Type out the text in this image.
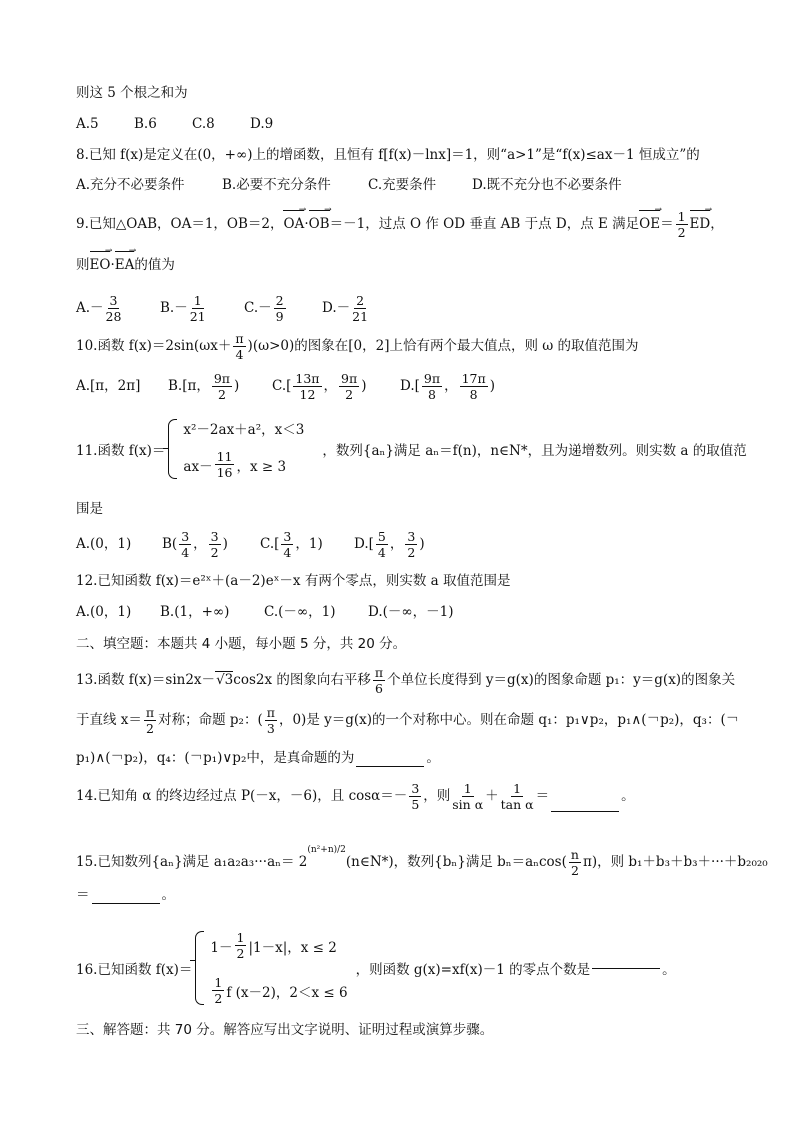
则这 5 个根之和为
A.5	B.6	C.8	D.9
8.已知 f(x)是定义在(0，+∞)上的增函数，且恒有 f[f(x)－lnx]＝1，则“a>1”是“f(x)≤ax－1 恒成立”的
A.充分不必要条件	B.必要不充分条件	C.充要条件	D.既不充分也不必要条件
9.已知△OAB，OA＝1，OB＝2，OA →·OB →＝－1，过点 O 作 OD 垂直 AB 于点 D，点 E 满足OE →＝ $\frac{1}{2}$ ED →，
则EO →·EA →的值为
$A.- \frac{3}{28}$	$B.- \frac{1}{21}$	$C.- \frac{2}{9}$	$D.- \frac{2}{21}$
10.函数 $f(x)=2\sin(\omega x+ \frac{\pi}{4} )(\omega>0)$的图象在[0，2]上恰有两个最大值点，则 ω 的取值范围为
A.[π，2π] B.[π， $\frac{9\pi}{2}$ ) $C.[ \frac{13\pi}{12}$ ， $\frac{9\pi}{2}$ ) $D.[ \frac{9\pi}{8}$ ， $\frac{17\pi}{8}$ )
11.函数 f(x)＝
x²－2ax＋a²，x＜3
$ax- \frac{11}{16}$ ，x ≥ 3
，数列{aₙ}满足 aₙ＝f(n)，n∈N*，且为递增数列。则实数 a 的取值范
围是
A.(0，1) $B( \frac{3}{4}$ ， $\frac{3}{2}$ ) $C.[ \frac{3}{4}$ ，1) $D.[ \frac{5}{4}$ ， $\frac{3}{2}$ )
12.已知函数 f(x)＝e²ˣ＋(a－2)eˣ－x 有两个零点，则实数 a 取值范围是
A.(0，1) B.(1，+∞)	C.(－∞，1) D.(－∞，－1)
二、填空题：本题共 4 小题，每小题 5 分，共 20 分。
13.函数 f(x)＝sin2x－√3cos2x 的图象向右平移 $\frac{\pi}{6}$ 个单位长度得到 y＝g(x)的图象命题 p₁：y＝g(x)的图象关
于直线 $x= \frac{\pi}{2}$ 对称；命题 p₂：( $\frac{\pi}{3}$ ，0)是 y＝g(x)的一个对称中心。则在命题 q₁：p₁∨p₂，p₁∧(￢p₂)，q₃：(￢
p₁)∧(￢p₂)，q₄：(￢p₁)∨p₂中，是真命题的为	。
14.已知角 α 的终边经过点 P(－x，－6)，且 $\cos\alpha=- \frac{3}{5}$ ，则 $\frac{1}{\text{sin α}} + \frac{1}{\text{tan α}}$ ＝	。
15.已知数列{aₙ}满足 $a_1a_2a_3\cdot\cdot\cdot a_n= 2^{(n^2+n)/2}(n\in N*)$，数列{bₙ}满足 $b_n=a_n\cos( \frac{n}{2} \pi)$，则 b₁＋b₃＋b₃＋···＋b₂₀₂₀
＝	。
16.已知函数 f(x)＝
$1- \frac{1}{2} |1-x|$，x ≤ 2
$\frac{1}{2}$ f (x－2)，2＜x ≤ 6
，则函数 g(x)=xf(x)－1 的零点个数是	。
三、解答题：共 70 分。解答应写出文字说明、证明过程或演算步骤。
